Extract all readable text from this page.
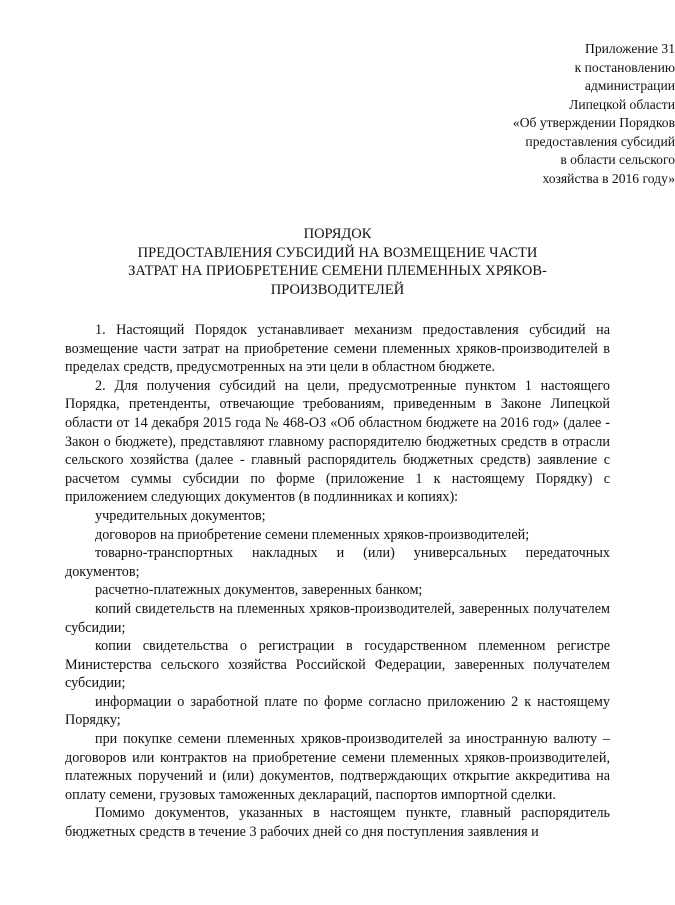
Приложение 31
к постановлению
администрации
Липецкой области
«Об утверждении Порядков
предоставления субсидий
в области сельского
хозяйства в 2016 году»
ПОРЯДОК
ПРЕДОСТАВЛЕНИЯ СУБСИДИЙ НА ВОЗМЕЩЕНИЕ ЧАСТИ
ЗАТРАТ НА ПРИОБРЕТЕНИЕ СЕМЕНИ ПЛЕМЕННЫХ ХРЯКОВ-
ПРОИЗВОДИТЕЛЕЙ

1. Настоящий Порядок устанавливает механизм предоставления субсидий на возмещение части затрат на приобретение семени племенных хряков-производителей в пределах средств, предусмотренных на эти цели в областном бюджете.

2. Для получения субсидий на цели, предусмотренные пунктом 1 настоящего Порядка, претенденты, отвечающие требованиям, приведенным в Законе Липецкой области от 14 декабря 2015 года № 468-ОЗ «Об областном бюджете на 2016 год» (далее - Закон о бюджете), представляют главному распорядителю бюджетных средств в отрасли сельского хозяйства (далее - главный распорядитель бюджетных средств) заявление с расчетом суммы субсидии по форме (приложение 1 к настоящему Порядку) с приложением следующих документов (в подлинниках и копиях):

учредительных документов;
договоров на приобретение семени племенных хряков-производителей;
товарно-транспортных накладных и (или) универсальных передаточных документов;
расчетно-платежных документов, заверенных банком;
копий свидетельств на племенных хряков-производителей, заверенных получателем субсидии;
копии свидетельства о регистрации в государственном племенном регистре Министерства сельского хозяйства Российской Федерации, заверенных получателем субсидии;
информации о заработной плате по форме согласно приложению 2 к настоящему Порядку;
при покупке семени племенных хряков-производителей за иностранную валюту – договоров или контрактов на приобретение семени племенных хряков-производителей, платежных поручений и (или) документов, подтверждающих открытие аккредитива на оплату семени, грузовых таможенных деклараций, паспортов импортной сделки.

Помимо документов, указанных в настоящем пункте, главный распорядитель бюджетных средств в течение 3 рабочих дней со дня поступления заявления и
